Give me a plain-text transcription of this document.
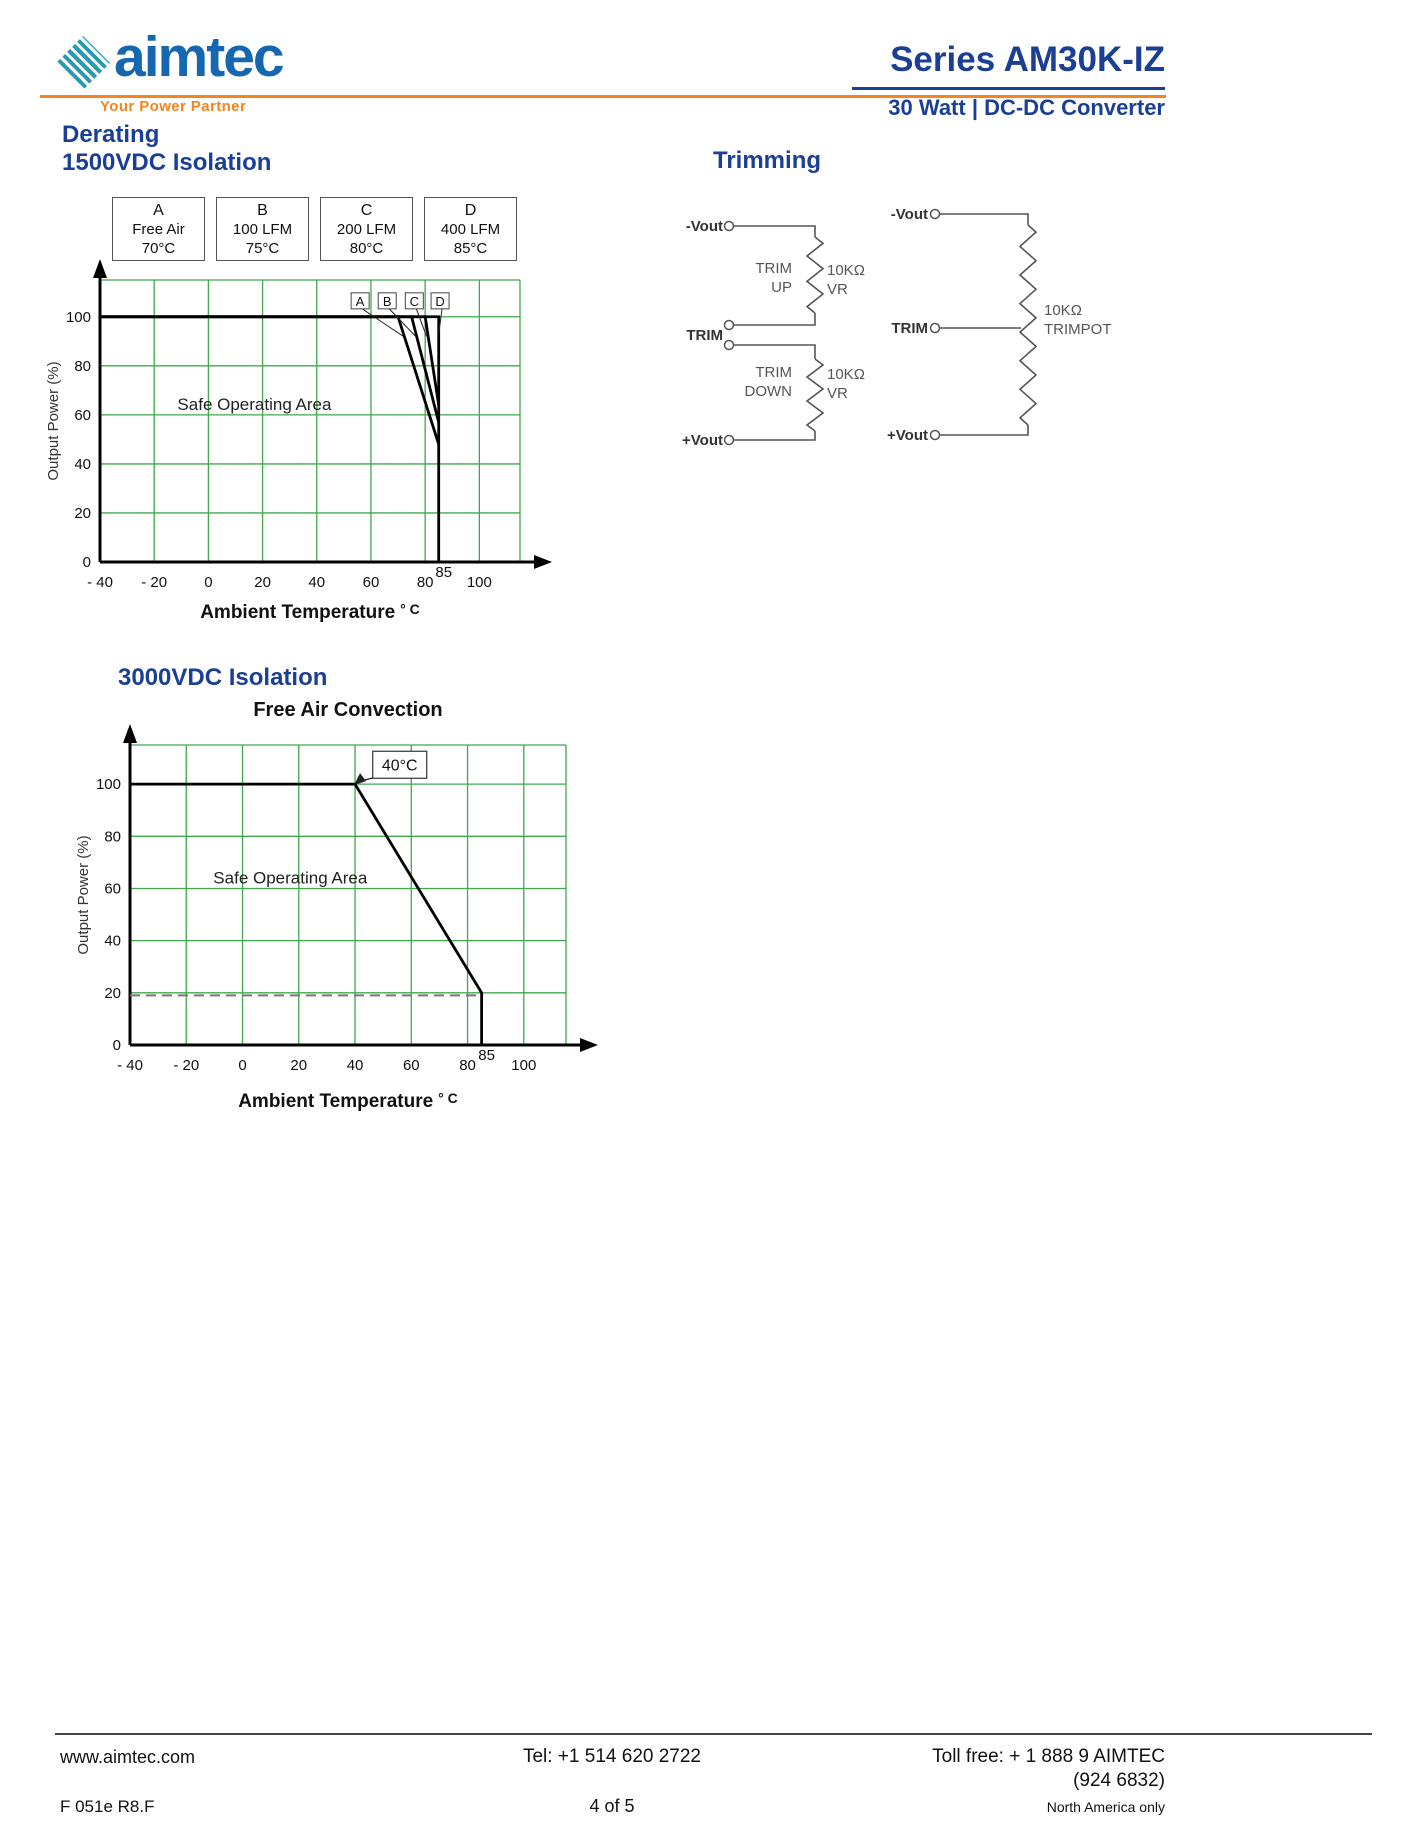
aimtec
Your Power Partner
Series AM30K-IZ
30 Watt | DC-DC Converter
Derating
1500VDC Isolation	Trimming
A
Free Air
70°C
B
100 LFM
75°C
C
200 LFM
80°C
D
400 LFM
85°C
- 40 - 20 0	20	40	60	80 100
85
0
20
40
60
80
100
Output Power (%)	Safe Operating Area
A B C D
Ambient Temperature $^{^\circ C}$
-Vout
TRIM
+Vout
TRIM
UP
10KΩ
VR
TRIM
DOWN
10KΩ
VR
-Vout
TRIM
+Vout
10KΩ
TRIMPOT
3000VDC Isolation
Free Air Convection
- 40 - 20	0	20	40	60	80 100
85
0
20
40
60
80
100
Output Power (%)	Safe Operating Area
40°C
Ambient Temperature $^{^\circ C}$
www.aimtec.com	Tel: +1 514 620 2722	Toll free: + 1 888 9 AIMTEC
(924 6832)
F 051e R8.F	4 of 5	North America only
